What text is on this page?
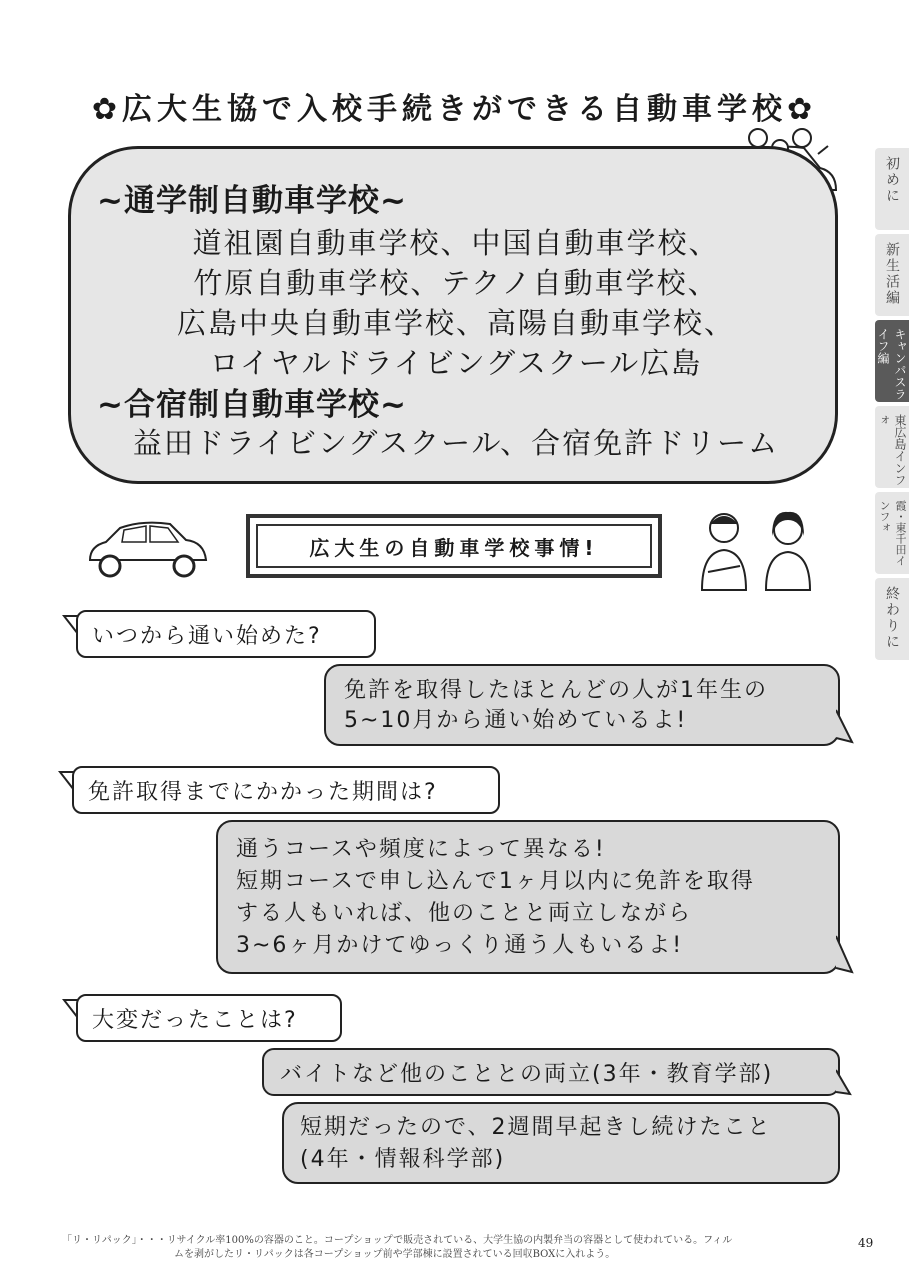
✿広大生協で入校手続きができる自動車学校✿
~通学制自動車学校~
道祖園自動車学校、中国自動車学校、
竹原自動車学校、テクノ自動車学校、
広島中央自動車学校、高陽自動車学校、
ロイヤルドライビングスクール広島
~合宿制自動車学校~
益田ドライビングスクール、合宿免許ドリーム
広大生の自動車学校事情!
いつから通い始めた?
免許を取得したほとんどの人が1年生の
5~10月から通い始めているよ!
免許取得までにかかった期間は?
通うコースや頻度によって異なる!
短期コースで申し込んで1ヶ月以内に免許を取得
する人もいれば、他のことと両立しながら
3~6ヶ月かけてゆっくり通う人もいるよ!
大変だったことは?
バイトなど他のこととの両立(3年・教育学部)
短期だったので、2週間早起きし続けたこと
(4年・情報科学部)
初めに
新生活編
キャンパスライフ編
東広島インフォ
霞・東千田インフォ
終わりに
「リ・リパック」・・・リサイクル率100%の容器のこと。コープショップで販売されている、大学生協の内製弁当の容器として使われている。フィル
ムを剥がしたリ・リパックは各コープショップ前や学部棟に設置されている回収BOXに入れよう。
49
